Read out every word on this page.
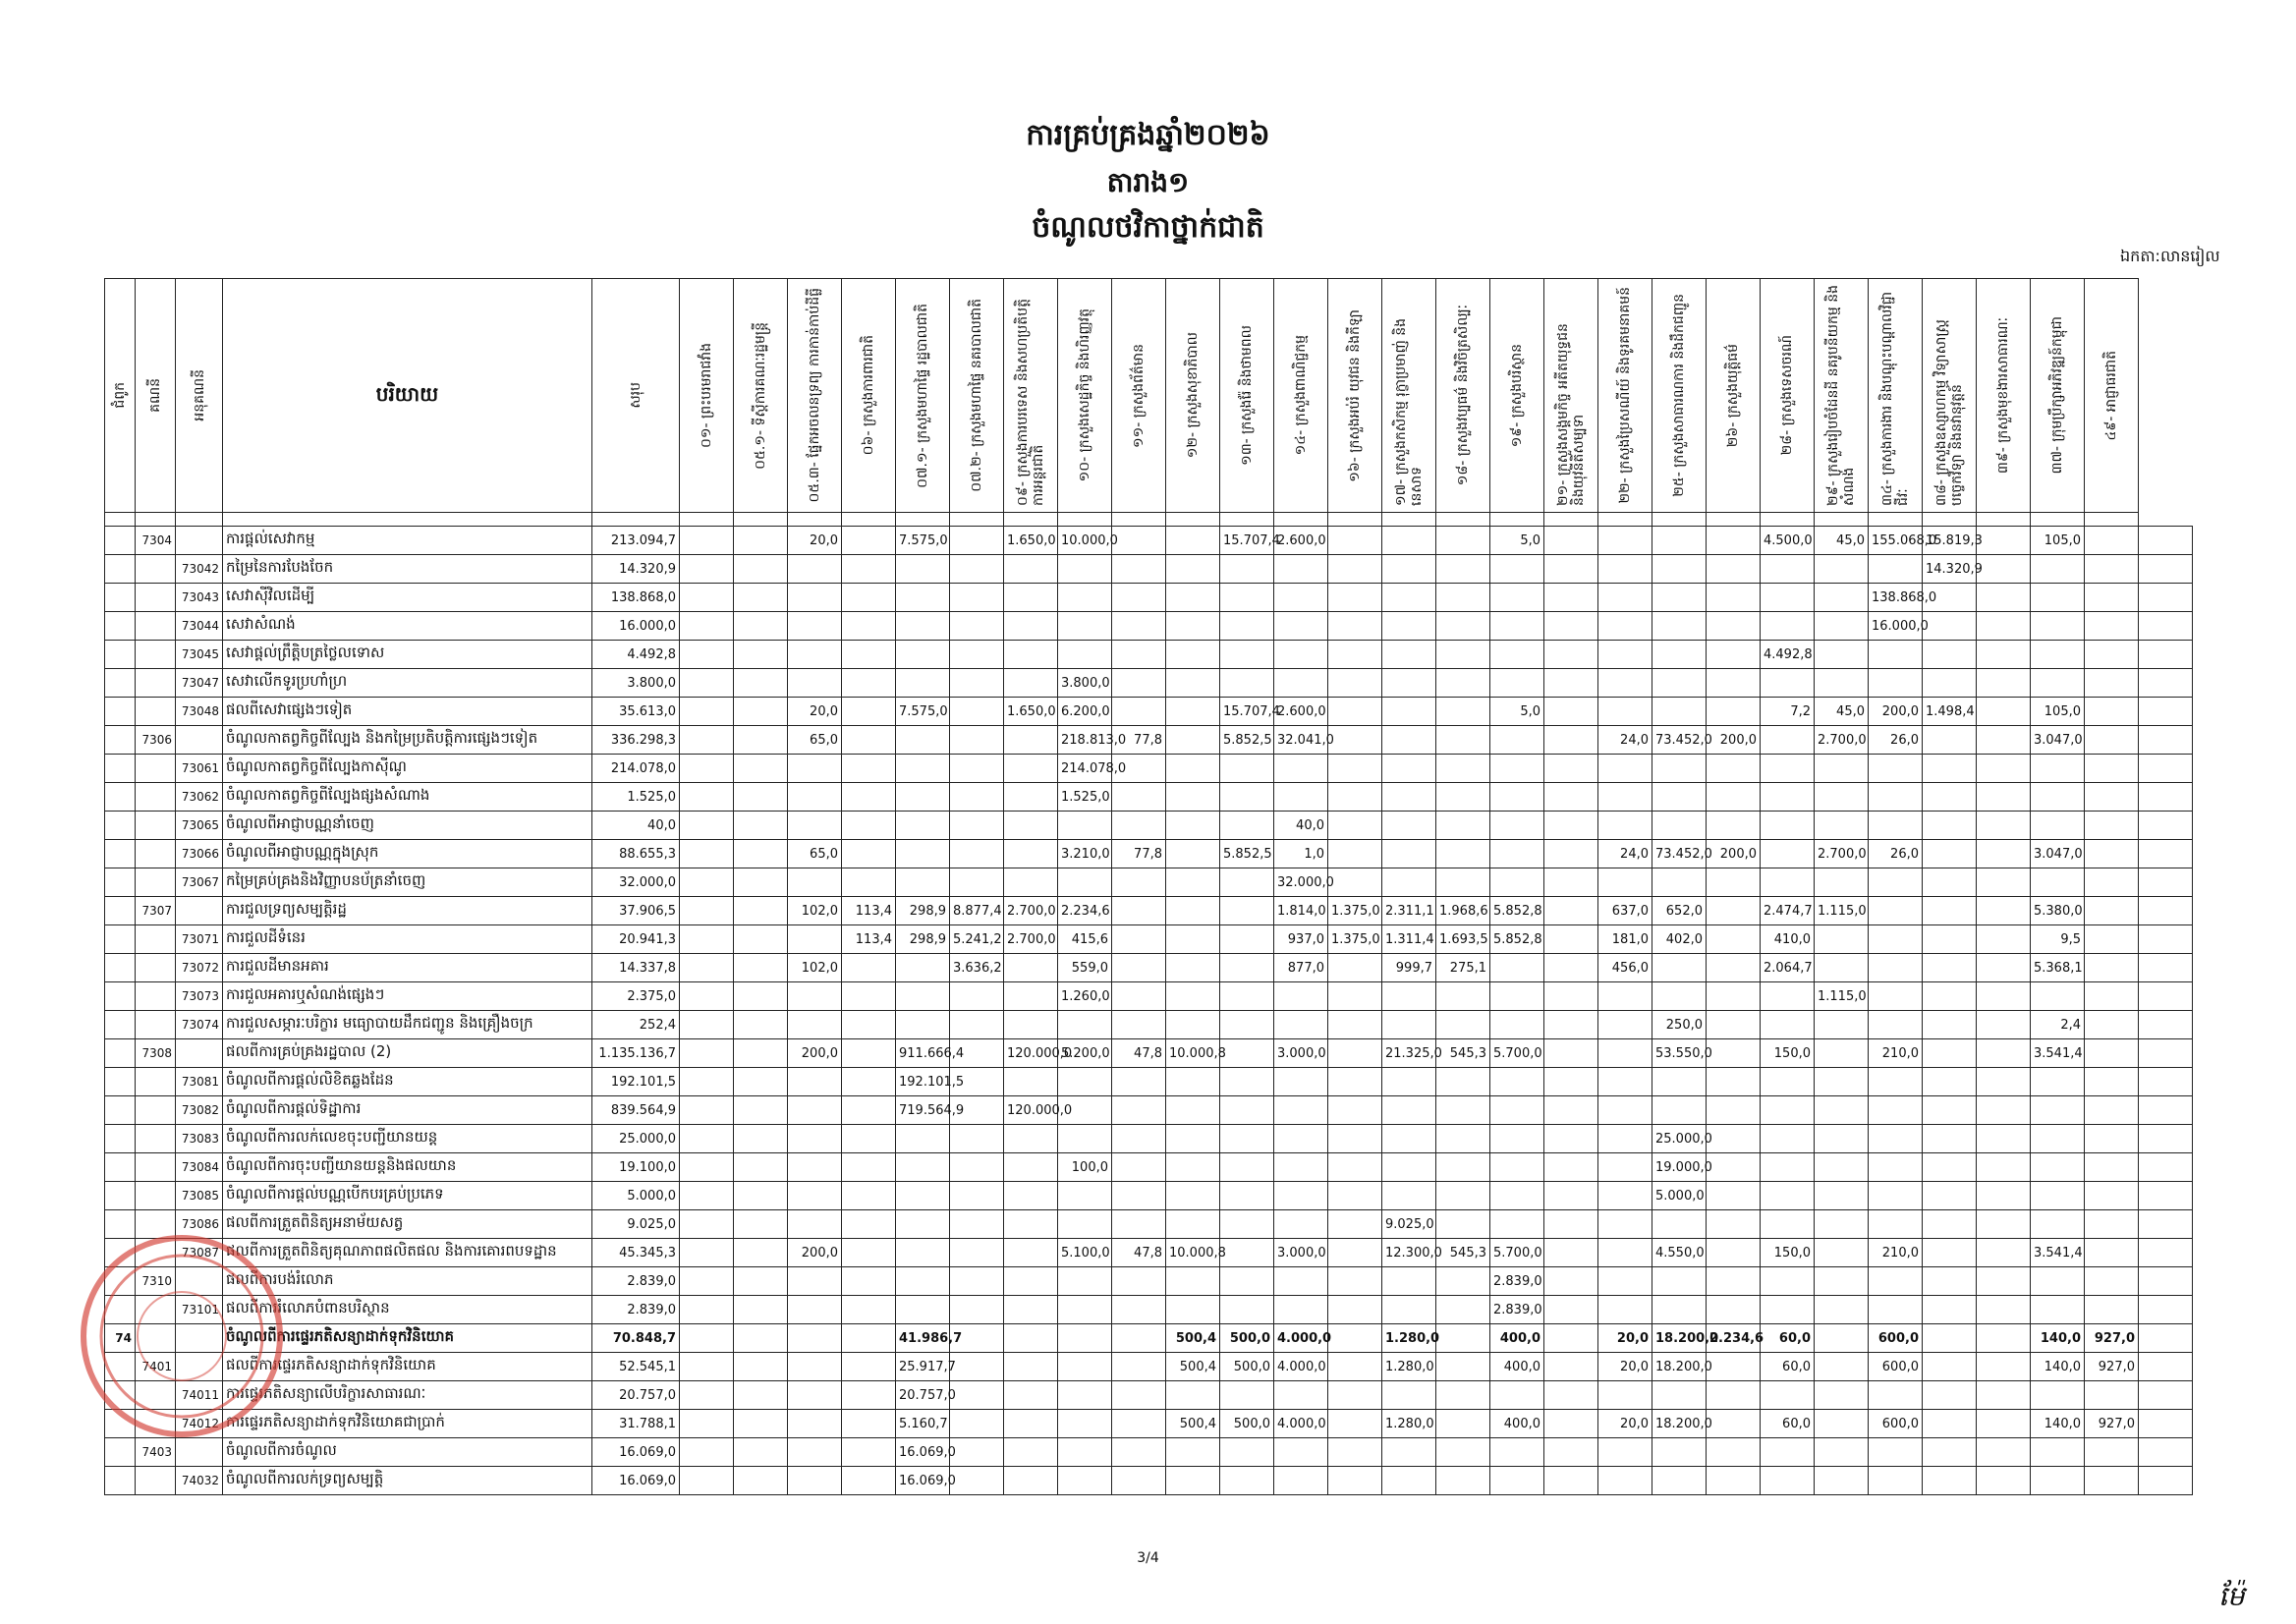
ការគ្រប់គ្រងឆ្នាំ២០២៦
តារាង១
ចំណូលថវិកាថ្នាក់ជាតិ
ឯកតា:លានរៀល
ជំពូក	គណនី	អនុគណនី	បរិយាយ	សរុប	០១- ព្រះបរមរាជវាំង	០៥.១- ទីស្តីការគណៈរដ្ឋមន្ត្រី	០៥.៣- ផ្នែកអចលនទ្រព្យ ការកាន់កាប់ដីធ្លី	០៦- ក្រសួងការពារជាតិ	០៧.១- ក្រសួងមហាផ្ទៃ រដ្ឋបាលជាតិ	០៧.២- ក្រសួងមហាផ្ទៃ នគរបាលជាតិ	០៩- ក្រសួងការបរទេស និងសហប្រតិបត្តិការអន្តរជាតិ	១០- ក្រសួងសេដ្ឋកិច្ច និងហិរញ្ញវត្ថុ	១១- ក្រសួងព័ត៌មាន	១២- ក្រសួងសុខាភិបាល	១៣- ក្រសួងរ៉ែ និងថាមពល	១៤- ក្រសួងពាណិជ្ជកម្ម	១៦- ក្រសួងអប់រំ យុវជន និងកីឡា	១៧- ក្រសួងកសិកម្ម រុក្ខាប្រមាញ់ និងនេសាទ	១៨- ក្រសួងវប្បធម៌ និងវិចិត្រសិល្បៈ	១៩- ក្រសួងបរិស្ថាន	២១- ក្រសួងសង្គមកិច្ច អតីតយុទ្ធជន និងយុវនីតិសម្បទា	២២- ក្រសួងប្រៃសណីយ៍ និងទូរគមនាគមន៍	២៥- ក្រសួងសាធារណការ និងដឹកជញ្ជូន	២៦- ក្រសួងយុត្តិធម៌	២៨- ក្រសួងទេសចរណ៍	២៩- ក្រសួងរៀបចំដែនដី នគរូបនីយកម្ម និងសំណង់	៣៤- ក្រសួងការងារ និងបណ្តុះបណ្តាលវិជ្ជាជីវៈ	៣៨- ក្រសួងឧស្សាហកម្ម វិទ្យាសាស្ត្រ បច្ចេកវិទ្យា និងនវានុវត្តន៍	៣៩- ក្រសួងមុខងារសាធារណៈ	៣៧- ក្រុមប្រឹក្សាអភិវឌ្ឍន៍កម្ពុជា	៤៩- អាជ្ញាធរជាតិ	

	7304		ការផ្តល់សេវាកម្ម	213.094,7			20,0		7.575,0		1.650,0	10.000,0			15.707,4	2.600,0				5,0					4.500,0	45,0	155.068,0	15.819,3		105,0		
		73042	កម្រៃនៃការបែងចែក	14.320,9																								14.320,9				
		73043	សេវាស៊ីវិលដើម្បី	138.868,0																							138.868,0					
		73044	សេវាសំណង់	16.000,0																							16.000,0					
		73045	សេវាផ្តល់ព្រឹត្តិបត្រថ្លៃលទោស	4.492,8																					4.492,8							
		73047	សេវាលើកទូរប្រហាំហ្រ	3.800,0								3.800,0																				
		73048	ផលពីសេវាផ្សេងៗទៀត	35.613,0			20,0		7.575,0		1.650,0	6.200,0			15.707,4	2.600,0				5,0					7,2	45,0	200,0	1.498,4		105,0		
	7306		ចំណូលកាតព្វកិច្ចពីល្បែង និងកម្រៃប្រតិបត្តិការផ្សេងៗទៀត	336.298,3			65,0					218.813,0	77,8		5.852,5	32.041,0						24,0	73.452,0	200,0		2.700,0	26,0			3.047,0		
		73061	ចំណូលកាតព្វកិច្ចពីល្បែងកាស៊ីណូ	214.078,0								214.078,0																				
		73062	ចំណូលកាតព្វកិច្ចពីល្បែងផ្សងសំណាង	1.525,0								1.525,0																				
		73065	ចំណូលពីអាជ្ញាបណ្ណនាំចេញ	40,0												40,0																
		73066	ចំណូលពីអាជ្ញាបណ្ណក្នុងស្រុក	88.655,3			65,0					3.210,0	77,8		5.852,5	1,0						24,0	73.452,0	200,0		2.700,0	26,0			3.047,0		
		73067	កម្រៃគ្រប់គ្រងនិងវិញ្ញាបនប័ត្រនាំចេញ	32.000,0												32.000,0																
	7307		ការជួលទ្រព្យសម្បត្តិរដ្ឋ	37.906,5			102,0	113,4	298,9	8.877,4	2.700,0	2.234,6				1.814,0	1.375,0	2.311,1	1.968,6	5.852,8		637,0	652,0		2.474,7	1.115,0				5.380,0		
		73071	ការជួលដីទំនេរ	20.941,3				113,4	298,9	5.241,2	2.700,0	415,6				937,0	1.375,0	1.311,4	1.693,5	5.852,8		181,0	402,0		410,0					9,5		
		73072	ការជួលដីមានអគារ	14.337,8			102,0			3.636,2		559,0				877,0		999,7	275,1			456,0			2.064,7					5.368,1		
		73073	ការជួលអគារឬសំណង់ផ្សេងៗ	2.375,0								1.260,0														1.115,0						
		73074	ការជួលសម្ភារៈបរិក្ខារ មធ្យោបាយដឹកជញ្ជូន និងគ្រឿងចក្រ	252,4																			250,0							2,4		
	7308		ផលពីការគ្រប់គ្រងរដ្ឋបាល (2)	1.135.136,7			200,0		911.666,4		120.000,0	5.200,0	47,8	10.000,8		3.000,0		21.325,0	545,3	5.700,0			53.550,0		150,0		210,0			3.541,4		
		73081	ចំណូលពីការផ្តល់លិខិតឆ្លងដែន	192.101,5					192.101,5																							
		73082	ចំណូលពីការផ្តល់ទិដ្ឋាការ	839.564,9					719.564,9		120.000,0																					
		73083	ចំណូលពីការលក់លេខចុះបញ្ជីយានយន្ត	25.000,0																			25.000,0									
		73084	ចំណូលពីការចុះបញ្ជីយានយន្តនិងផលយាន	19.100,0								100,0											19.000,0									
		73085	ចំណូលពីការផ្តល់បណ្ណបើកបរគ្រប់ប្រភេទ	5.000,0																			5.000,0									
		73086	ផលពីការត្រួតពិនិត្យអនាម័យសត្វ	9.025,0														9.025,0														
		73087	ផលពីការត្រួតពិនិត្យគុណភាពផលិតផល និងការគោរពបទដ្ឋាន	45.345,3			200,0					5.100,0	47,8	10.000,8		3.000,0		12.300,0	545,3	5.700,0			4.550,0		150,0		210,0			3.541,4		
	7310		ផលពីការបង់រំលោភ	2.839,0																2.839,0												
		73101	ផលពីការរំលោភបំពានបរិស្ថាន	2.839,0																2.839,0												
74			ចំណូលពីការផ្ទេរភតិសន្យាដាក់ទុកវិនិយោគ	70.848,7					41.986,7					500,4	500,0	4.000,0		1.280,0		400,0		20,0	18.200,0	2.234,6	60,0		600,0			140,0	927,0	
	7401		ផលពីការផ្ទេរភតិសន្យាដាក់ទុកវិនិយោគ	52.545,1					25.917,7					500,4	500,0	4.000,0		1.280,0		400,0		20,0	18.200,0		60,0		600,0			140,0	927,0	
		74011	ការផ្ទេរភតិសន្យាលើបរិក្ខារសាធារណៈ	20.757,0					20.757,0																							
		74012	ការផ្ទេរភតិសន្យាដាក់ទុកវិនិយោគជាប្រាក់	31.788,1					5.160,7					500,4	500,0	4.000,0		1.280,0		400,0		20,0	18.200,0		60,0		600,0			140,0	927,0	
	7403		ចំណូលពីការចំណូល	16.069,0					16.069,0																							
		74032	ចំណូលពីការលក់ទ្រព្យសម្បត្តិ	16.069,0					16.069,0																							
3/4
ម៉ែ
